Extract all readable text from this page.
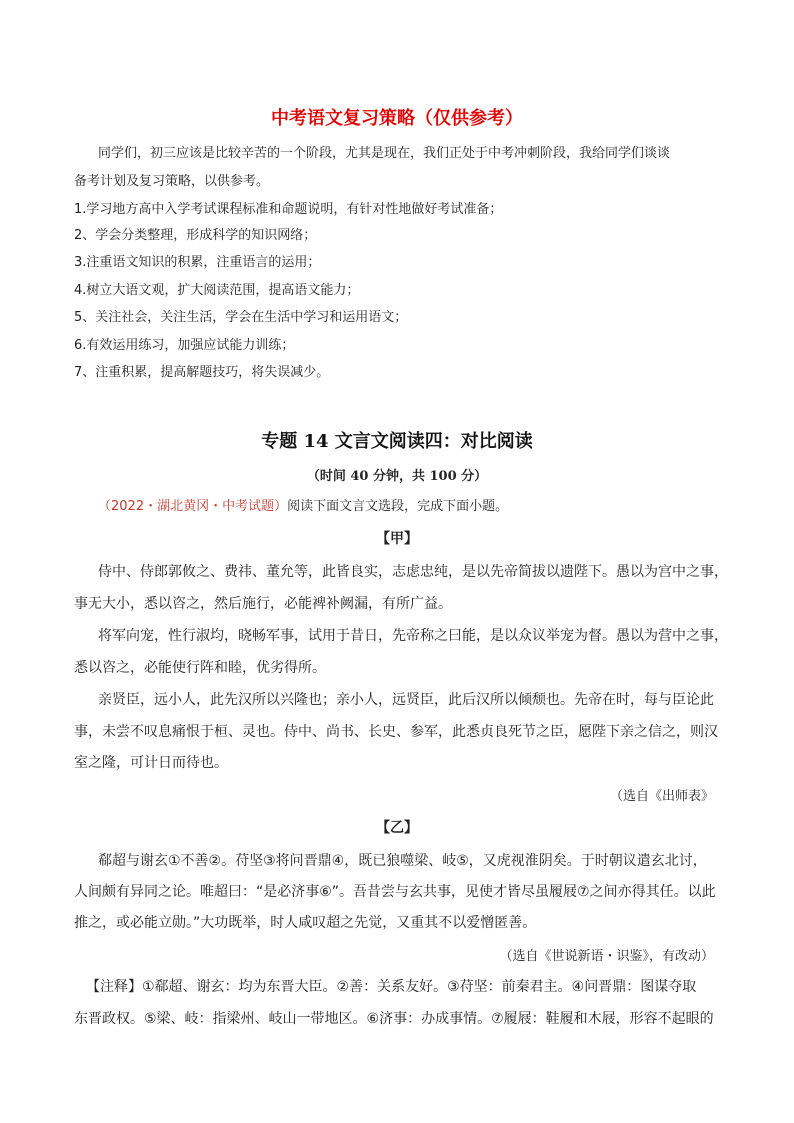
中考语文复习策略（仅供参考）
同学们，初三应该是比较辛苦的一个阶段，尤其是现在，我们正处于中考冲刺阶段，我给同学们谈谈
备考计划及复习策略，以供参考。
1.学习地方高中入学考试课程标准和命题说明，有针对性地做好考试准备；
2、学会分类整理，形成科学的知识网络；
3.注重语文知识的积累，注重语言的运用；
4.树立大语文观，扩大阅读范围，提高语文能力；
5、关注社会，关注生活，学会在生活中学习和运用语文；
6.有效运用练习，加强应试能力训练；
7、注重积累，提高解题技巧，将失误减少。
专题 14 文言文阅读四：对比阅读
（时间 40 分钟，共 100 分）
（2022・湖北黄冈・中考试题）阅读下面文言文选段，完成下面小题。
【甲】
侍中、侍郎郭攸之、费祎、董允等，此皆良实，志虑忠纯，是以先帝简拔以遗陛下。愚以为宫中之事，
事无大小，悉以咨之，然后施行，必能裨补阙漏，有所广益。
将军向宠，性行淑均，晓畅军事，试用于昔日，先帝称之曰能，是以众议举宠为督。愚以为营中之事，
悉以咨之，必能使行阵和睦，优劣得所。
亲贤臣，远小人，此先汉所以兴隆也；亲小人，远贤臣，此后汉所以倾颓也。先帝在时，每与臣论此
事，未尝不叹息痛恨于桓、灵也。侍中、尚书、长史、参军，此悉贞良死节之臣，愿陛下亲之信之，则汉
室之隆，可计日而待也。
（选自《出师表》
【乙】
郗超与谢玄①不善②。苻坚③将问晋鼎④，既已狼噬梁、岐⑤，又虎视淮阴矣。于时朝议遣玄北讨，
人间颇有异同之论。唯超曰：“是必济事⑥”。吾昔尝与玄共事，见使才皆尽虽履屐⑦之间亦得其任。以此
推之，或必能立勋。”大功既举，时人咸叹超之先觉，又重其不以爱憎匿善。
（选自《世说新语・识鉴》，有改动）
【注释】①郗超、谢玄：均为东晋大臣。②善：关系友好。③苻坚：前秦君主。④问晋鼎：图谋夺取
东晋政权。⑤梁、岐：指梁州、岐山一带地区。⑥济事：办成事情。⑦履屐：鞋履和木屐，形容不起眼的
